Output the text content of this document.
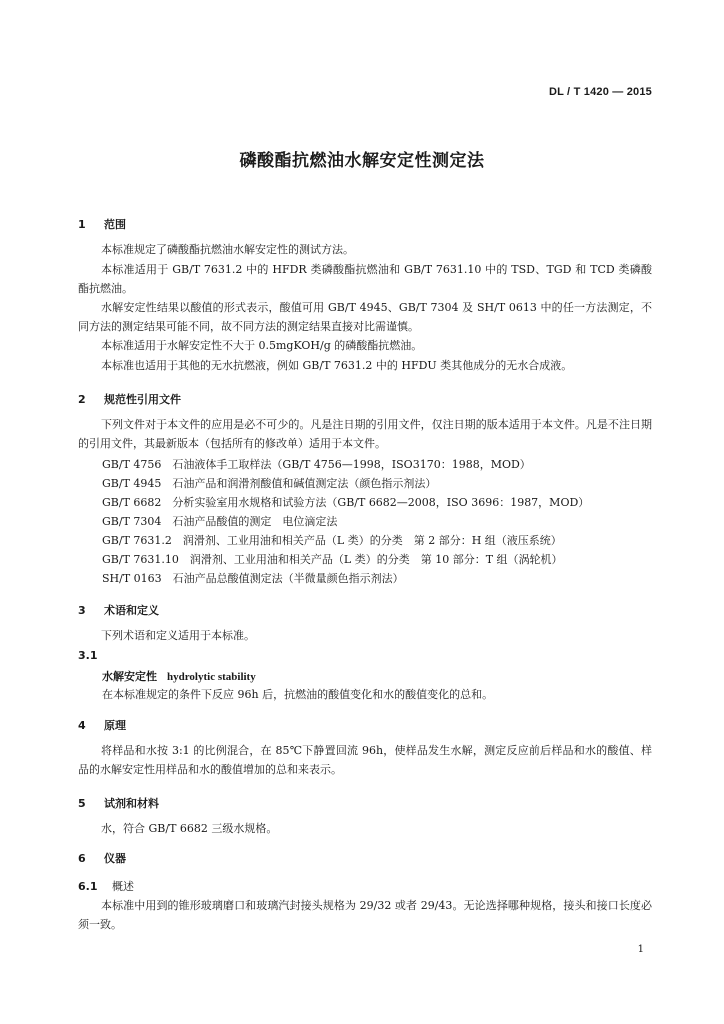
DL / T 1420 — 2015
磷酸酯抗燃油水解安定性测定法
1 范围
本标准规定了磷酸酯抗燃油水解安定性的测试方法。
本标准适用于 GB/T 7631.2 中的 HFDR 类磷酸酯抗燃油和 GB/T 7631.10 中的 TSD、TGD 和 TCD 类磷酸酯抗燃油。
水解安定性结果以酸值的形式表示，酸值可用 GB/T 4945、GB/T 7304 及 SH/T 0613 中的任一方法测定，不同方法的测定结果可能不同，故不同方法的测定结果直接对比需谨慎。
本标准适用于水解安定性不大于 0.5mgKOH/g 的磷酸酯抗燃油。
本标准也适用于其他的无水抗燃液，例如 GB/T 7631.2 中的 HFDU 类其他成分的无水合成液。
2 规范性引用文件
下列文件对于本文件的应用是必不可少的。凡是注日期的引用文件，仅注日期的版本适用于本文件。凡是不注日期的引用文件，其最新版本（包括所有的修改单）适用于本文件。
GB/T 4756　石油液体手工取样法（GB/T 4756—1998，ISO3170：1988，MOD）
GB/T 4945　石油产品和润滑剂酸值和碱值测定法（颜色指示剂法）
GB/T 6682　分析实验室用水规格和试验方法（GB/T 6682—2008，ISO 3696：1987，MOD）
GB/T 7304　石油产品酸值的测定　电位滴定法
GB/T 7631.2　润滑剂、工业用油和相关产品（L 类）的分类　第 2 部分：H 组（液压系统）
GB/T 7631.10　润滑剂、工业用油和相关产品（L 类）的分类　第 10 部分：T 组（涡轮机）
SH/T 0163　石油产品总酸值测定法（半微量颜色指示剂法）
3 术语和定义
下列术语和定义适用于本标准。
3.1
水解安定性 hydrolytic stability
在本标准规定的条件下反应 96h 后，抗燃油的酸值变化和水的酸值变化的总和。
4 原理
将样品和水按 3:1 的比例混合，在 85℃下静置回流 96h，使样品发生水解，测定反应前后样品和水的酸值、样品的水解安定性用样品和水的酸值增加的总和来表示。
5 试剂和材料
水，符合 GB/T 6682 三级水规格。
6 仪器
6.1 概述
本标准中用到的锥形玻璃磨口和玻璃汽封接头规格为 29/32 或者 29/43。无论选择哪种规格，接头和接口长度必须一致。
1
